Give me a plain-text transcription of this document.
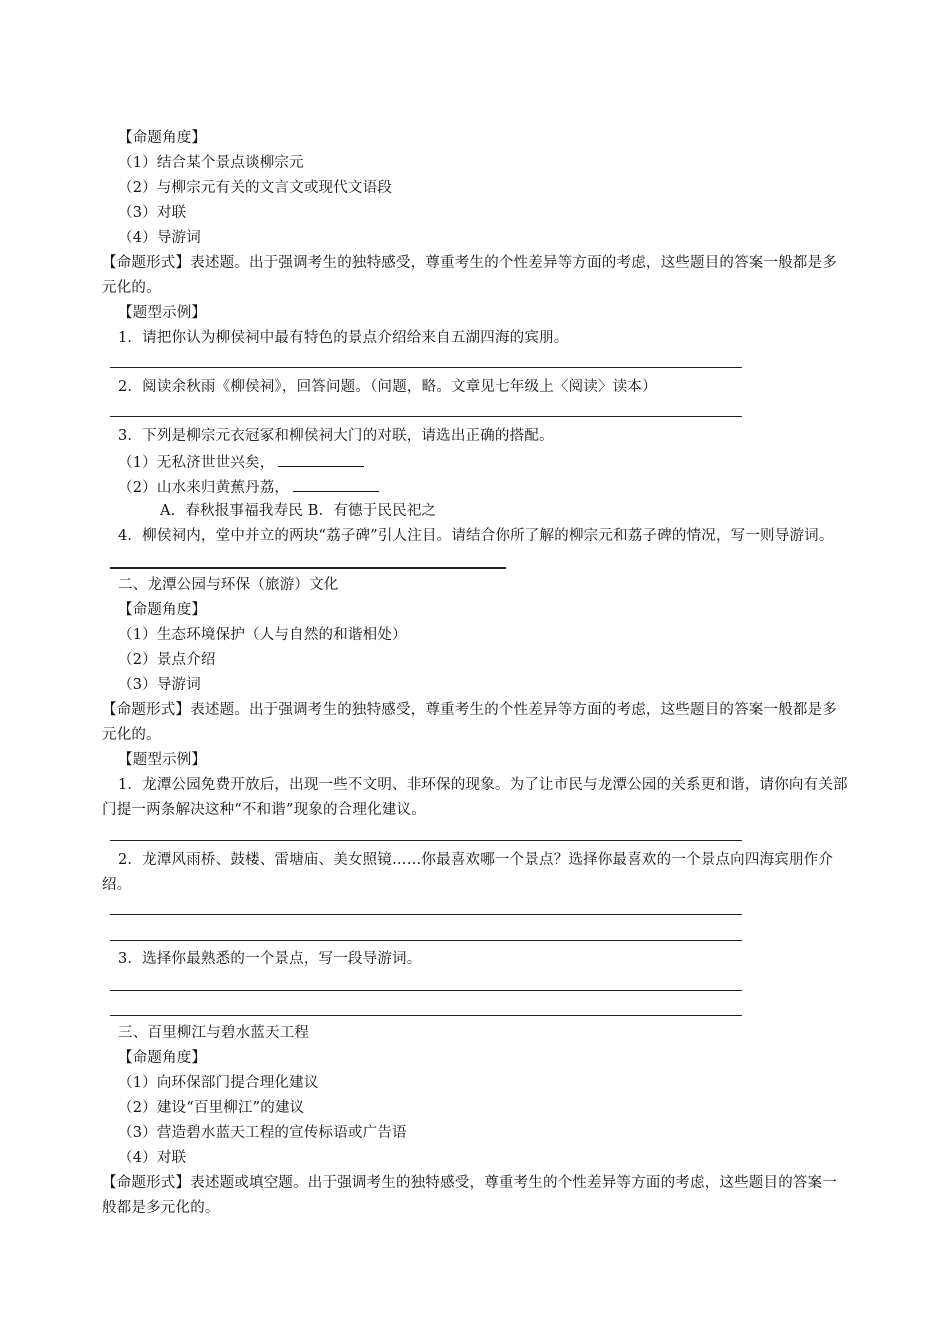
【命题角度】
（1）结合某个景点谈柳宗元
（2）与柳宗元有关的文言文或现代文语段
（3）对联
（4）导游词
【命题形式】表述题。出于强调考生的独特感受，尊重考生的个性差异等方面的考虑，这些题目的答案一般都是多
元化的。
【题型示例】
1．请把你认为柳侯祠中最有特色的景点介绍给来自五湖四海的宾朋。
2．阅读余秋雨《柳侯祠》，回答问题。（问题，略。文章见七年级上〈阅读〉读本）
3．下列是柳宗元衣冠冢和柳侯祠大门的对联，请选出正确的搭配。
（1）无私济世世兴矣，
（2）山水来归黄蕉丹荔，
A．春秋报事福我寿民 B．有德于民民祀之
4．柳侯祠内，堂中并立的两块“荔子碑”引人注目。请结合你所了解的柳宗元和荔子碑的情况，写一则导游词。
二、龙潭公园与环保（旅游）文化
【命题角度】
（1）生态环境保护（人与自然的和谐相处）
（2）景点介绍
（3）导游词
【命题形式】表述题。出于强调考生的独特感受，尊重考生的个性差异等方面的考虑，这些题目的答案一般都是多
元化的。
【题型示例】
1．龙潭公园免费开放后，出现一些不文明、非环保的现象。为了让市民与龙潭公园的关系更和谐，请你向有关部
门提一两条解决这种“不和谐”现象的合理化建议。
2．龙潭风雨桥、鼓楼、雷塘庙、美女照镜……你最喜欢哪一个景点？选择你最喜欢的一个景点向四海宾朋作介
绍。
3．选择你最熟悉的一个景点，写一段导游词。
三、百里柳江与碧水蓝天工程
【命题角度】
（1）向环保部门提合理化建议
（2）建设“百里柳江”的建议
（3）营造碧水蓝天工程的宣传标语或广告语
（4）对联
【命题形式】表述题或填空题。出于强调考生的独特感受，尊重考生的个性差异等方面的考虑，这些题目的答案一
般都是多元化的。
